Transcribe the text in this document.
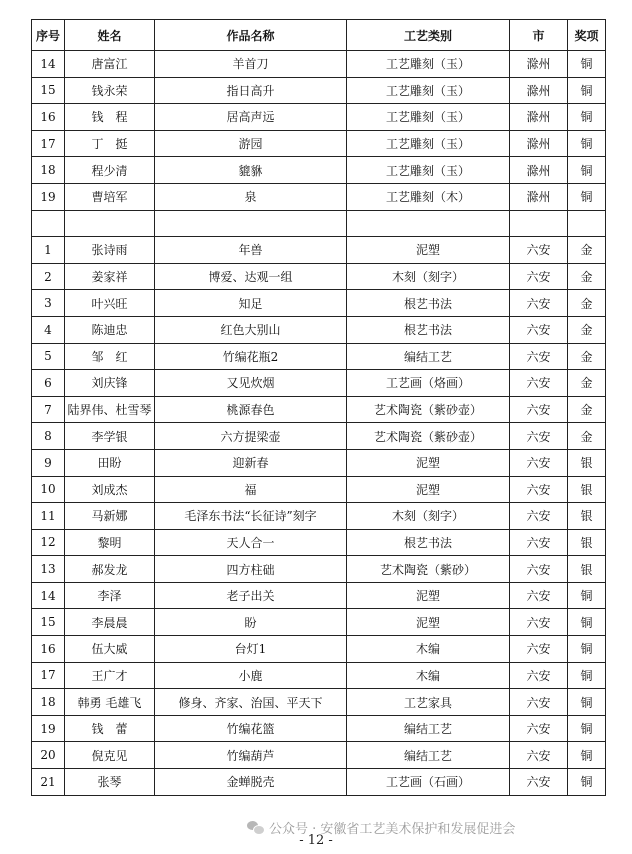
序号	姓名	作品名称	工艺类别	市	奖项
14	唐富江	羊首刀	工艺雕刻（玉）	滁州	铜
15	钱永荣	指日高升	工艺雕刻（玉）	滁州	铜
16	钱　程	居高声远	工艺雕刻（玉）	滁州	铜
17	丁　挺	游园	工艺雕刻（玉）	滁州	铜
18	程少清	貔貅	工艺雕刻（玉）	滁州	铜
19	曹培军	泉	工艺雕刻（木）	滁州	铜

1	张诗雨	年兽	泥塑	六安	金
2	姜家祥	博爱、达观一组	木刻（刻字）	六安	金
3	叶兴旺	知足	根艺书法	六安	金
4	陈迪忠	红色大别山	根艺书法	六安	金
5	邹　红	竹编花瓶2	编结工艺	六安	金
6	刘庆锋	又见炊烟	工艺画（烙画）	六安	金
7	陆界伟、杜雪琴	桃源春色	艺术陶瓷（紫砂壶）	六安	金
8	李学银	六方提梁壶	艺术陶瓷（紫砂壶）	六安	金
9	田盼	迎新春	泥塑	六安	银
10	刘成杰	福	泥塑	六安	银
11	马新娜	毛泽东书法“长征诗”刻字	木刻（刻字）	六安	银
12	黎明	天人合一	根艺书法	六安	银
13	郝发龙	四方柱础	艺术陶瓷（紫砂）	六安	银
14	李泽	老子出关	泥塑	六安	铜
15	李晨晨	盼	泥塑	六安	铜
16	伍大威	台灯1	木编	六安	铜
17	王广才	小鹿	木编	六安	铜
18	韩勇 毛雄飞	修身、齐家、治国、平天下	工艺家具	六安	铜
19	钱　蕾	竹编花篮	编结工艺	六安	铜
20	倪克见	竹编葫芦	编结工艺	六安	铜
21	张琴	金蝉脱壳	工艺画（石画）	六安	铜
公众号 · 安徽省工艺美术保护和发展促进会
- 12 -
